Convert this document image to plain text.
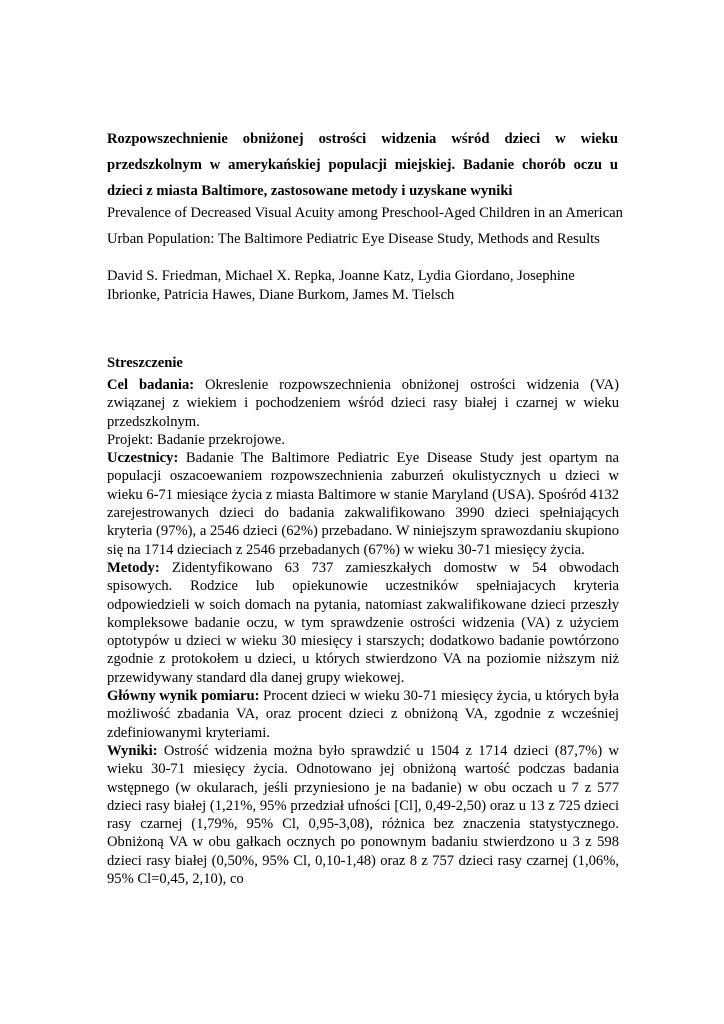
Rozpowszechnienie obniżonej ostrości widzenia wśród dzieci w wieku przedszkolnym w amerykańskiej populacji miejskiej. Badanie chorób oczu u dzieci z miasta Baltimore, zastosowane metody i uzyskane wyniki
Prevalence of Decreased Visual Acuity among Preschool-Aged Children in an American Urban Population: The Baltimore Pediatric Eye Disease Study, Methods and Results
David S. Friedman, Michael X. Repka, Joanne Katz, Lydia Giordano, Josephine Ibrionke, Patricia Hawes, Diane Burkom, James M. Tielsch
Streszczenie

Cel badania: Okreslenie rozpowszechnienia obniżonej ostrości widzenia (VA) związanej z wiekiem i pochodzeniem wśród dzieci rasy białej i czarnej w wieku przedszkolnym.

Projekt: Badanie przekrojowe.

Uczestnicy: Badanie The Baltimore Pediatric Eye Disease Study jest opartym na populacji oszacoewaniem rozpowszechnienia zaburzeń okulistycznych u dzieci w wieku 6-71 miesiące życia z miasta Baltimore w stanie Maryland (USA). Spośród 4132 zarejestrowanych dzieci do badania zakwalifikowano 3990 dzieci spełniających kryteria (97%), a 2546 dzieci (62%) przebadano. W niniejszym sprawozdaniu skupiono się na 1714 dzieciach z 2546 przebadanych (67%) w wieku 30-71 miesięcy życia.

Metody: Zidentyfikowano 63 737 zamieszkałych domostw w 54 obwodach spisowych. Rodzice lub opiekunowie uczestników spełniajacych kryteria odpowiedzieli w soich domach na pytania, natomiast zakwalifikowane dzieci przeszły kompleksowe badanie oczu, w tym sprawdzenie ostrości widzenia (VA) z użyciem optotypów u dzieci w wieku 30 miesięcy i starszych; dodatkowo badanie powtórzono zgodnie z protokołem u dzieci, u których stwierdzono VA na poziomie niższym niż przewidywany standard dla danej grupy wiekowej.

Główny wynik pomiaru: Procent dzieci w wieku 30-71 miesięcy życia, u których była możliwość zbadania VA, oraz procent dzieci z obniżoną VA, zgodnie z wcześniej zdefiniowanymi kryteriami.

Wyniki: Ostrość widzenia można było sprawdzić u 1504 z 1714 dzieci (87,7%) w wieku 30-71 miesięcy życia. Odnotowano jej obniżoną wartość podczas badania wstępnego (w okularach, jeśli przyniesiono je na badanie) w obu oczach u 7 z 577 dzieci rasy białej (1,21%, 95% przedział ufności [Cl], 0,49-2,50) oraz u 13 z 725 dzieci rasy czarnej (1,79%, 95% Cl, 0,95-3,08), różnica bez znaczenia statystycznego. Obniżoną VA w obu gałkach ocznych po ponownym badaniu stwierdzono u 3 z 598 dzieci rasy białej (0,50%, 95% Cl, 0,10-1,48) oraz 8 z 757 dzieci rasy czarnej (1,06%, 95% Cl=0,45, 2,10), co
